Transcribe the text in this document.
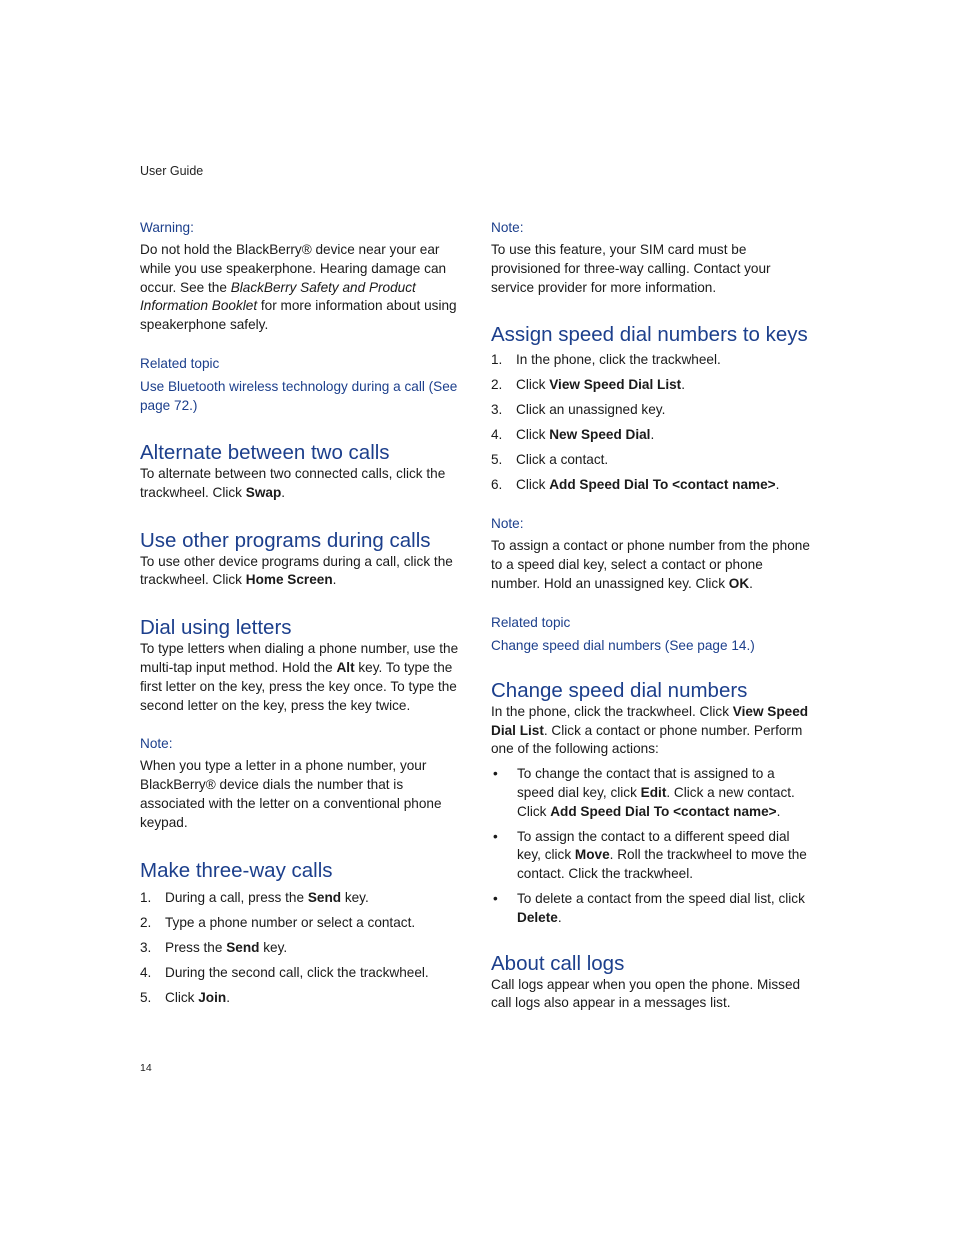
User Guide
Warning:

Do not hold the BlackBerry® device near your ear while you use speakerphone. Hearing damage can occur. See the BlackBerry Safety and Product Information Booklet for more information about using speakerphone safely.

Related topic
Use Bluetooth wireless technology during a call (See page 72.)
Alternate between two calls

To alternate between two connected calls, click the trackwheel. Click Swap.

Use other programs during calls

To use other device programs during a call, click the trackwheel. Click Home Screen.

Dial using letters

To type letters when dialing a phone number, use the multi-tap input method. Hold the Alt key. To type the first letter on the key, press the key once. To type the second letter on the key, press the key twice.

Note:

When you type a letter in a phone number, your BlackBerry® device dials the number that is associated with the letter on a conventional phone keypad.

Make three-way calls
1.	During a call, press the Send key.
2.	Type a phone number or select a contact.
3.	Press the Send key.
4.	During the second call, click the trackwheel.
5.	Click Join.
Note:

To use this feature, your SIM card must be provisioned for three-way calling. Contact your service provider for more information.

Assign speed dial numbers to keys
1.	In the phone, click the trackwheel.
2.	Click View Speed Dial List.
3.	Click an unassigned key.
4.	Click New Speed Dial.
5.	Click a contact.
6.	Click Add Speed Dial To <contact name>.
Note:

To assign a contact or phone number from the phone to a speed dial key, select a contact or phone number. Hold an unassigned key. Click OK.

Related topic
Change speed dial numbers (See page 14.)
Change speed dial numbers

In the phone, click the trackwheel. Click View Speed Dial List. Click a contact or phone number. Perform one of the following actions:

•	To change the contact that is assigned to a speed dial key, click Edit. Click a new contact. Click Add Speed Dial To <contact name>.
•	To assign the contact to a different speed dial key, click Move. Roll the trackwheel to move the contact. Click the trackwheel.
•	To delete a contact from the speed dial list, click Delete.
About call logs

Call logs appear when you open the phone. Missed call logs also appear in a messages list.

14
